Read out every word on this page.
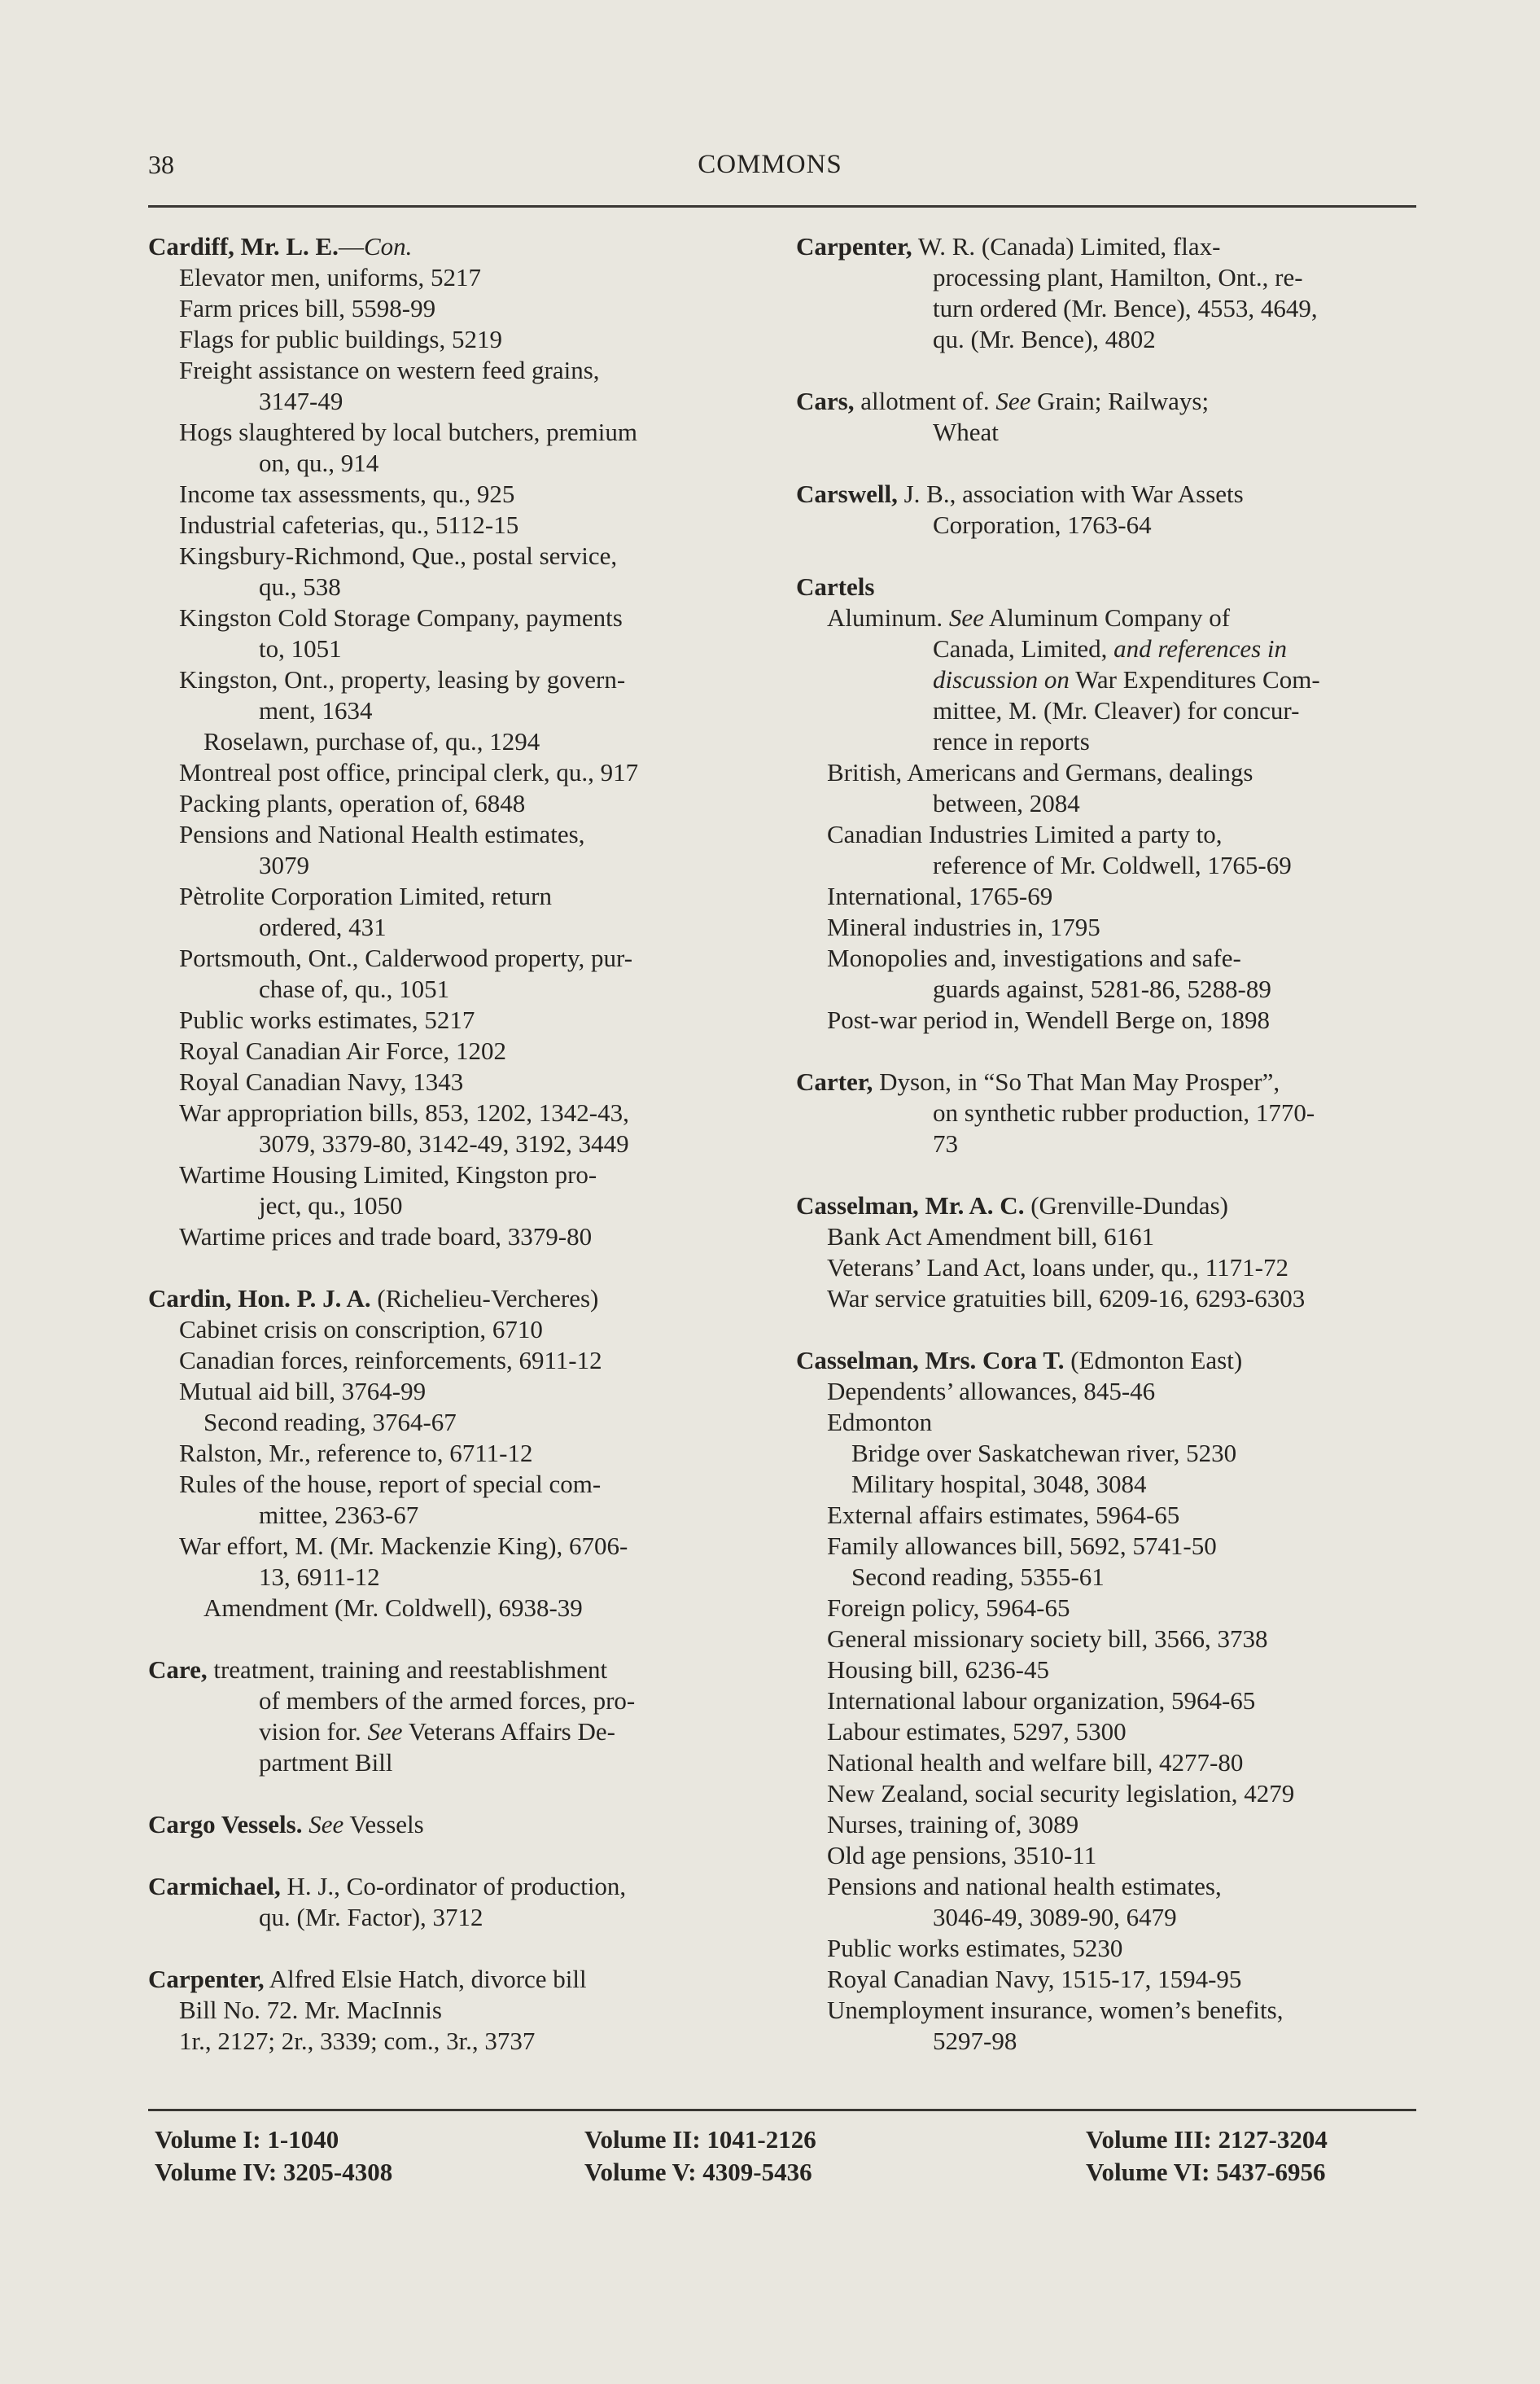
38	COMMONS
Cardiff, Mr. L. E.—Con.
Elevator men, uniforms, 5217
Farm prices bill, 5598-99
Flags for public buildings, 5219
Freight assistance on western feed grains,
3147-49
Hogs slaughtered by local butchers, premium
on, qu., 914
Income tax assessments, qu., 925
Industrial cafeterias, qu., 5112-15
Kingsbury-Richmond, Que., postal service,
qu., 538
Kingston Cold Storage Company, payments
to, 1051
Kingston, Ont., property, leasing by govern-
ment, 1634
Roselawn, purchase of, qu., 1294
Montreal post office, principal clerk, qu., 917
Packing plants, operation of, 6848
Pensions and National Health estimates,
3079
Pètrolite Corporation Limited, return
ordered, 431
Portsmouth, Ont., Calderwood property, pur-
chase of, qu., 1051
Public works estimates, 5217
Royal Canadian Air Force, 1202
Royal Canadian Navy, 1343
War appropriation bills, 853, 1202, 1342-43,
3079, 3379-80, 3142-49, 3192, 3449
Wartime Housing Limited, Kingston pro-
ject, qu., 1050
Wartime prices and trade board, 3379-80
Cardin, Hon. P. J. A. (Richelieu-Vercheres)
Cabinet crisis on conscription, 6710
Canadian forces, reinforcements, 6911-12
Mutual aid bill, 3764-99
Second reading, 3764-67
Ralston, Mr., reference to, 6711-12
Rules of the house, report of special com-
mittee, 2363-67
War effort, M. (Mr. Mackenzie King), 6706-
13, 6911-12
Amendment (Mr. Coldwell), 6938-39
Care, treatment, training and reestablishment
of members of the armed forces, pro-
vision for. See Veterans Affairs De-
partment Bill
Cargo Vessels. See Vessels
Carmichael, H. J., Co-ordinator of production,
qu. (Mr. Factor), 3712
Carpenter, Alfred Elsie Hatch, divorce bill
Bill No. 72. Mr. MacInnis
1r., 2127; 2r., 3339; com., 3r., 3737
Carpenter, W. R. (Canada) Limited, flax-
processing plant, Hamilton, Ont., re-
turn ordered (Mr. Bence), 4553, 4649,
qu. (Mr. Bence), 4802
Cars, allotment of. See Grain; Railways;
Wheat
Carswell, J. B., association with War Assets
Corporation, 1763-64
Cartels
Aluminum. See Aluminum Company of
Canada, Limited, and references in
discussion on War Expenditures Com-
mittee, M. (Mr. Cleaver) for concur-
rence in reports
British, Americans and Germans, dealings
between, 2084
Canadian Industries Limited a party to,
reference of Mr. Coldwell, 1765-69
International, 1765-69
Mineral industries in, 1795
Monopolies and, investigations and safe-
guards against, 5281-86, 5288-89
Post-war period in, Wendell Berge on, 1898
Carter, Dyson, in “So That Man May Prosper”,
on synthetic rubber production, 1770-
73
Casselman, Mr. A. C. (Grenville-Dundas)
Bank Act Amendment bill, 6161
Veterans’ Land Act, loans under, qu., 1171-72
War service gratuities bill, 6209-16, 6293-6303
Casselman, Mrs. Cora T. (Edmonton East)
Dependents’ allowances, 845-46
Edmonton
Bridge over Saskatchewan river, 5230
Military hospital, 3048, 3084
External affairs estimates, 5964-65
Family allowances bill, 5692, 5741-50
Second reading, 5355-61
Foreign policy, 5964-65
General missionary society bill, 3566, 3738
Housing bill, 6236-45
International labour organization, 5964-65
Labour estimates, 5297, 5300
National health and welfare bill, 4277-80
New Zealand, social security legislation, 4279
Nurses, training of, 3089
Old age pensions, 3510-11
Pensions and national health estimates,
3046-49, 3089-90, 6479
Public works estimates, 5230
Royal Canadian Navy, 1515-17, 1594-95
Unemployment insurance, women’s benefits,
5297-98
Volume I: 1-1040
Volume IV: 3205-4308
Volume II: 1041-2126
Volume V: 4309-5436
Volume III: 2127-3204
Volume VI: 5437-6956
